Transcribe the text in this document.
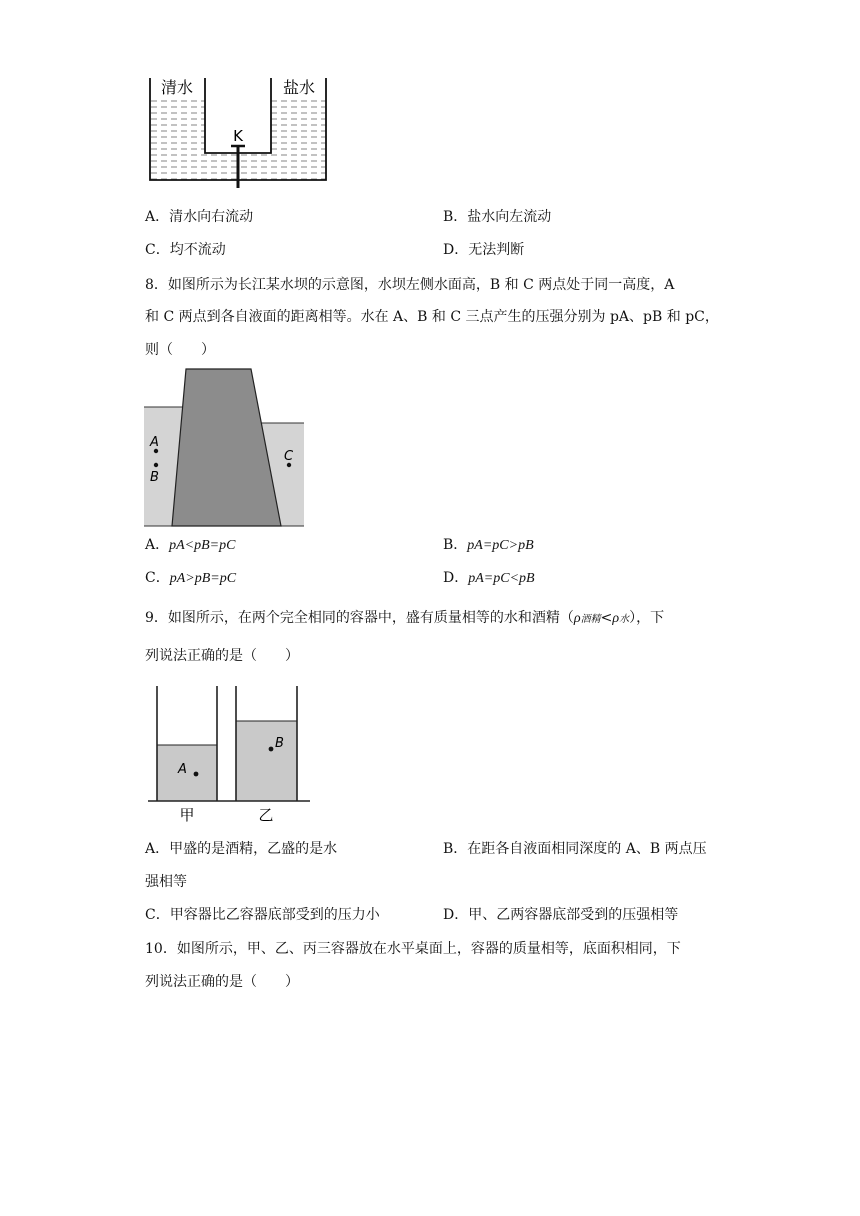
K
清水	盐水
A．清水向右流动	B．盐水向左流动
C．均不流动	D．无法判断
8．如图所示为长江某水坝的示意图，水坝左侧水面高，B 和 C 两点处于同一高度，A
和 C 两点到各自液面的距离相等。水在 A、B 和 C 三点产生的压强分别为 pA、pB 和 pC，
则（　　）
A
B
C
A．pA<pB=pC	B．pA=pC>pB
C．pA>pB=pC	D．pA=pC<pB
9．如图所示，在两个完全相同的容器中，盛有质量相等的水和酒精（ρ酒精<ρ水），下
列说法正确的是（　　）
A
B
甲	乙
A．甲盛的是酒精，乙盛的是水	B．在距各自液面相同深度的 A、B 两点压
强相等
C．甲容器比乙容器底部受到的压力小	D．甲、乙两容器底部受到的压强相等
10．如图所示，甲、乙、丙三容器放在水平桌面上，容器的质量相等，底面积相同，下
列说法正确的是（　　）
